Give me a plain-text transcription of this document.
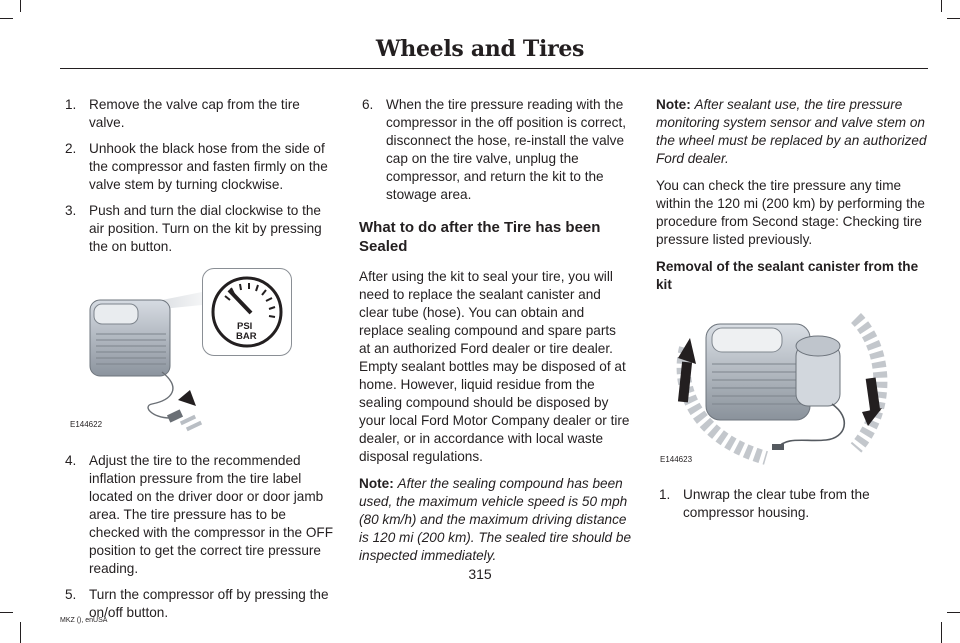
Wheels and Tires
1. Remove the valve cap from the tire valve.
2. Unhook the black hose from the side of the compressor and fasten firmly on the valve stem by turning clockwise.
3. Push and turn the dial clockwise to the air position. Turn on the kit by pressing the on button.
PSI
BAR
E144622
4. Adjust the tire to the recommended inflation pressure from the tire label located on the driver door or door jamb area. The tire pressure has to be checked with the compressor in the OFF position to get the correct tire pressure reading.
5. Turn the compressor off by pressing the on/off button.
6. When the tire pressure reading with the compressor in the off position is correct, disconnect the hose, re-install the valve cap on the tire valve, unplug the compressor, and return the kit to the stowage area.
What to do after the Tire has been Sealed

After using the kit to seal your tire, you will need to replace the sealant canister and clear tube (hose). You can obtain and replace sealing compound and spare parts at an authorized Ford dealer or tire dealer. Empty sealant bottles may be disposed of at home. However, liquid residue from the sealing compound should be disposed by your local Ford Motor Company dealer or tire dealer, or in accordance with local waste disposal regulations.

Note: After the sealing compound has been used, the maximum vehicle speed is 50 mph (80 km/h) and the maximum driving distance is 120 mi (200 km). The sealed tire should be inspected immediately.

Note: After sealant use, the tire pressure monitoring system sensor and valve stem on the wheel must be replaced by an authorized Ford dealer.

You can check the tire pressure any time within the 120 mi (200 km) by performing the procedure from Second stage: Checking tire pressure listed previously.

Removal of the sealant canister from the kit

E144623
1. Unwrap the clear tube from the compressor housing.
315
MKZ (), enUSA
